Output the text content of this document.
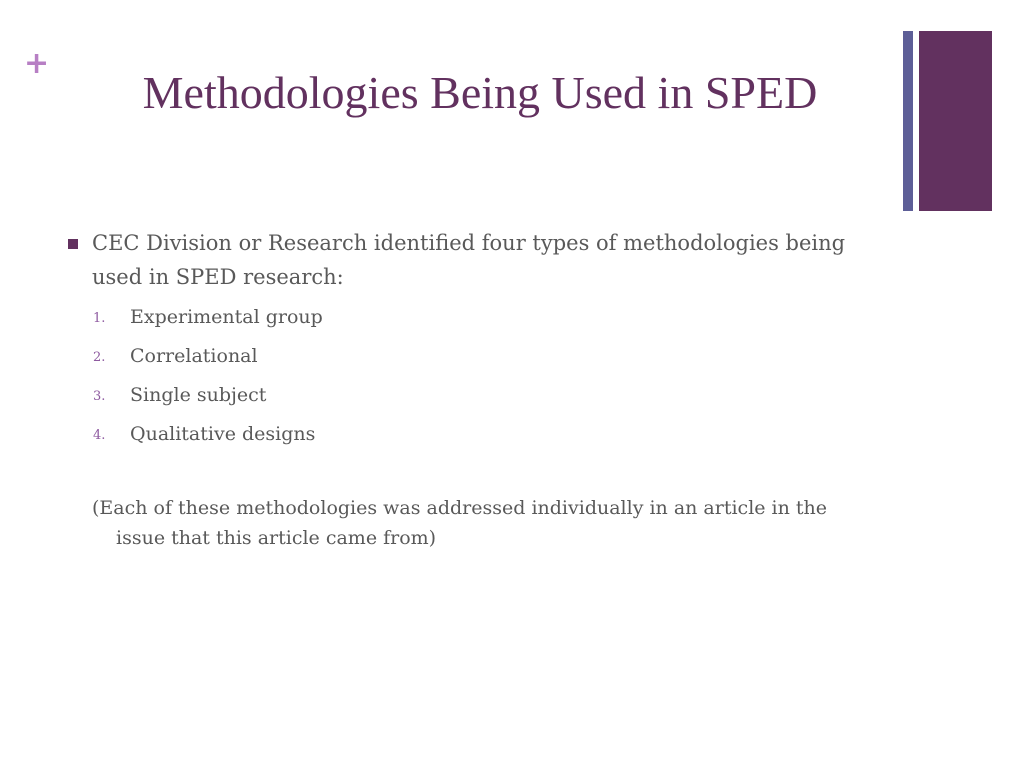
+
Methodologies Being Used in SPED
CEC Division or Research identified four types of methodologies being used in SPED research:
1. Experimental group
2. Correlational
3. Single subject
4. Qualitative designs

(Each of these methodologies was addressed individually in an article in the issue that this article came from)
